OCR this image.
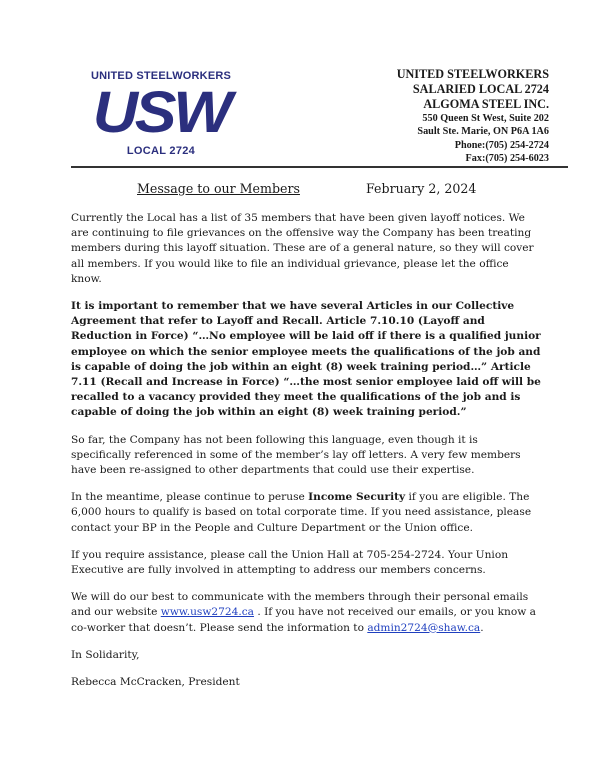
UNITED STEELWORKERS
USW
LOCAL 2724
UNITED STEELWORKERS
SALARIED LOCAL 2724
ALGOMA STEEL INC.
550 Queen St West, Suite 202
Sault Ste. Marie, ON P6A 1A6
Phone:(705) 254-2724
Fax:(705) 254-6023
Message to our Members	February 2, 2024

Currently the Local has a list of 35 members that have been given layoff notices. We are continuing to file grievances on the offensive way the Company has been treating members during this layoff situation. These are of a general nature, so they will cover all members. If you would like to file an individual grievance, please let the office know.

It is important to remember that we have several Articles in our Collective Agreement that refer to Layoff and Recall. Article 7.10.10 (Layoff and Reduction in Force) “…No employee will be laid off if there is a qualified junior employee on which the senior employee meets the qualifications of the job and is capable of doing the job within an eight (8) week training period…” Article 7.11 (Recall and Increase in Force) “…the most senior employee laid off will be recalled to a vacancy provided they meet the qualifications of the job and is capable of doing the job within an eight (8) week training period.”

So far, the Company has not been following this language, even though it is specifically referenced in some of the member’s lay off letters. A very few members have been re-assigned to other departments that could use their expertise.

In the meantime, please continue to peruse Income Security if you are eligible. The 6,000 hours to qualify is based on total corporate time. If you need assistance, please contact your BP in the People and Culture Department or the Union office.

If you require assistance, please call the Union Hall at 705-254-2724. Your Union Executive are fully involved in attempting to address our members concerns.

We will do our best to communicate with the members through their personal emails and our website www.usw2724.ca . If you have not received our emails, or you know a co-worker that doesn’t. Please send the information to admin2724@shaw.ca.

In Solidarity,

Rebecca McCracken, President
